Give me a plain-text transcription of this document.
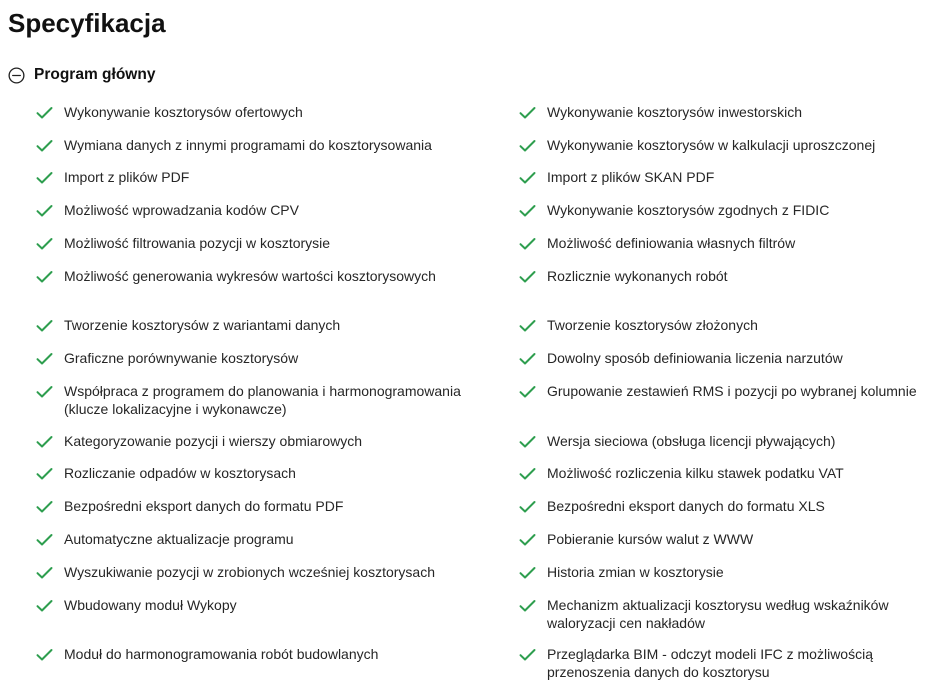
Specyfikacja
Program główny
Wykonywanie kosztorysów ofertowych
Wymiana danych z innymi programami do kosztorysowania
Import z plików PDF
Możliwość wprowadzania kodów CPV
Możliwość filtrowania pozycji w kosztorysie
Możliwość generowania wykresów wartości kosztorysowych
Tworzenie kosztorysów z wariantami danych
Graficzne porównywanie kosztorysów
Współpraca z programem do planowania i harmonogramowania (klucze lokalizacyjne i wykonawcze)
Kategoryzowanie pozycji i wierszy obmiarowych
Rozliczanie odpadów w kosztorysach
Bezpośredni eksport danych do formatu PDF
Automatyczne aktualizacje programu
Wyszukiwanie pozycji w zrobionych wcześniej kosztorysach
Wbudowany moduł Wykopy
Moduł do harmonogramowania robót budowlanych
Wykonywanie kosztorysów inwestorskich
Wykonywanie kosztorysów w kalkulacji uproszczonej
Import z plików SKAN PDF
Wykonywanie kosztorysów zgodnych z FIDIC
Możliwość definiowania własnych filtrów
Rozlicznie wykonanych robót
Tworzenie kosztorysów złożonych
Dowolny sposób definiowania liczenia narzutów
Grupowanie zestawień RMS i pozycji po wybranej kolumnie
Wersja sieciowa (obsługa licencji pływających)
Możliwość rozliczenia kilku stawek podatku VAT
Bezpośredni eksport danych do formatu XLS
Pobieranie kursów walut z WWW
Historia zmian w kosztorysie
Mechanizm aktualizacji kosztorysu według wskaźników waloryzacji cen nakładów
Przeglądarka BIM - odczyt modeli IFC z możliwością przenoszenia danych do kosztorysu
